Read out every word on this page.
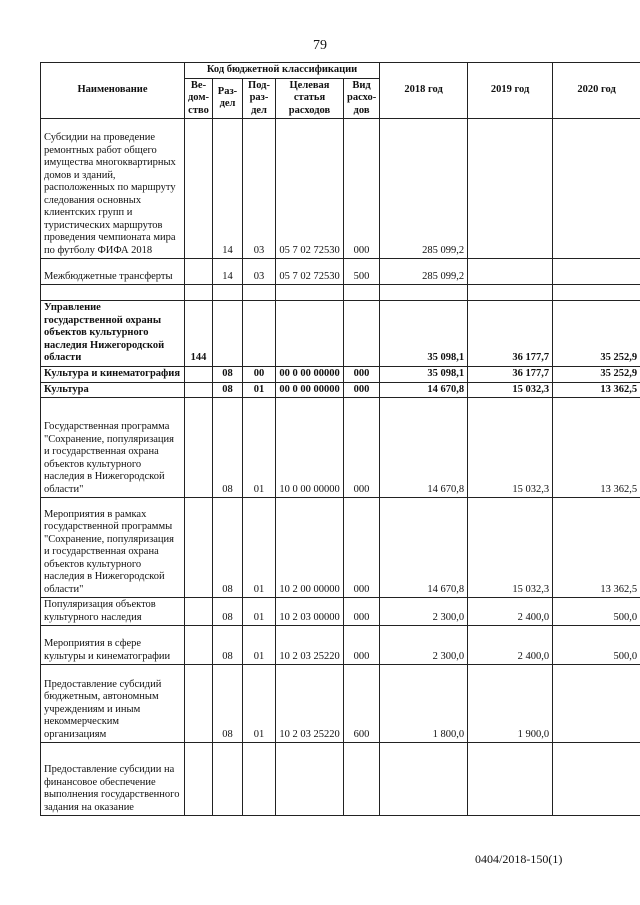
79
Наименование	Код бюджетной классификации					2018 год	2019 год	2020 год
	Ве-дом-ство	Раз-дел	Под-раз-дел	Целевая статья расходов	Вид расхо-дов			
Субсидии на проведение ремонтных работ общего имущества многоквартирных домов и зданий, расположенных по маршруту следования основных клиентских групп и туристических маршрутов проведения чемпионата мира по футболу ФИФА 2018		14	03	05 7 02 72530	000	285 099,2		
Межбюджетные трансферты		14	03	05 7 02 72530	500	285 099,2		

Управление государственной охраны объектов культурного наследия Нижегородской области	144					35 098,1	36 177,7	35 252,9
Культура и кинематография		08	00	00 0 00 00000	000	35 098,1	36 177,7	35 252,9
Культура		08	01	00 0 00 00000	000	14 670,8	15 032,3	13 362,5
Государственная программа "Сохранение, популяризация и государственная охрана объектов культурного наследия в Нижегородской области"		08	01	10 0 00 00000	000	14 670,8	15 032,3	13 362,5
Мероприятия в рамках государственной программы "Сохранение, популяризация и государственная охрана объектов культурного наследия в Нижегородской области"		08	01	10 2 00 00000	000	14 670,8	15 032,3	13 362,5
Популяризация объектов культурного наследия		08	01	10 2 03 00000	000	2 300,0	2 400,0	500,0
Мероприятия в сфере культуры и кинематографии		08	01	10 2 03 25220	000	2 300,0	2 400,0	500,0
Предоставление субсидий бюджетным, автономным учреждениям и иным некоммерческим организациям		08	01	10 2 03 25220	600	1 800,0	1 900,0	
Предоставление субсидии на финансовое обеспечение выполнения государственного задания на оказание								
0404/2018-150(1)
